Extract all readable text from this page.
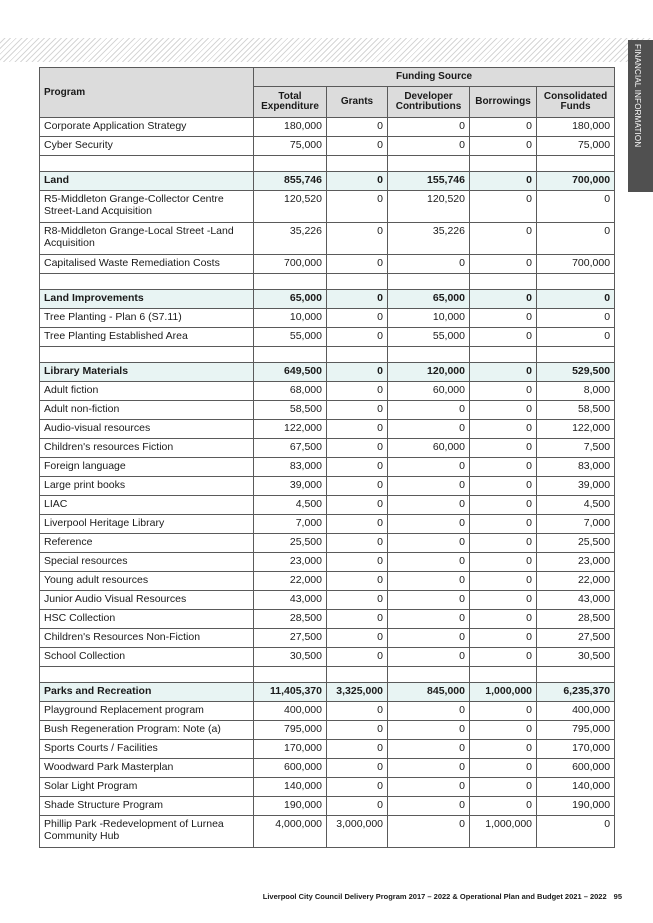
FINANCIAL INFORMATION
Program	Funding Source				
	Total Expenditure	Grants	Developer Contributions	Borrowings	Consolidated Funds
Corporate Application Strategy	180,000	0	0	0	180,000
Cyber Security	75,000	0	0	0	75,000

Land	855,746	0	155,746	0	700,000
R5-Middleton Grange-Collector Centre Street-Land Acquisition	120,520	0	120,520	0	0
R8-Middleton Grange-Local Street -Land Acquisition	35,226	0	35,226	0	0
Capitalised Waste Remediation Costs	700,000	0	0	0	700,000

Land Improvements	65,000	0	65,000	0	0
Tree Planting - Plan 6 (S7.11)	10,000	0	10,000	0	0
Tree Planting Established Area	55,000	0	55,000	0	0

Library Materials	649,500	0	120,000	0	529,500
Adult fiction	68,000	0	60,000	0	8,000
Adult non-fiction	58,500	0	0	0	58,500
Audio-visual resources	122,000	0	0	0	122,000
Children's resources Fiction	67,500	0	60,000	0	7,500
Foreign language	83,000	0	0	0	83,000
Large print books	39,000	0	0	0	39,000
LIAC	4,500	0	0	0	4,500
Liverpool Heritage Library	7,000	0	0	0	7,000
Reference	25,500	0	0	0	25,500
Special resources	23,000	0	0	0	23,000
Young adult resources	22,000	0	0	0	22,000
Junior Audio Visual Resources	43,000	0	0	0	43,000
HSC Collection	28,500	0	0	0	28,500
Children's Resources Non-Fiction	27,500	0	0	0	27,500
School Collection	30,500	0	0	0	30,500

Parks and Recreation	11,405,370	3,325,000	845,000	1,000,000	6,235,370
Playground Replacement program	400,000	0	0	0	400,000
Bush Regeneration Program: Note (a)	795,000	0	0	0	795,000
Sports Courts / Facilities	170,000	0	0	0	170,000
Woodward Park Masterplan	600,000	0	0	0	600,000
Solar Light Program	140,000	0	0	0	140,000
Shade Structure Program	190,000	0	0	0	190,000
Phillip Park -Redevelopment of Lurnea Community Hub	4,000,000	3,000,000	0	1,000,000	0
Liverpool City Council Delivery Program 2017 – 2022 & Operational Plan and Budget 2021 – 2022 95
